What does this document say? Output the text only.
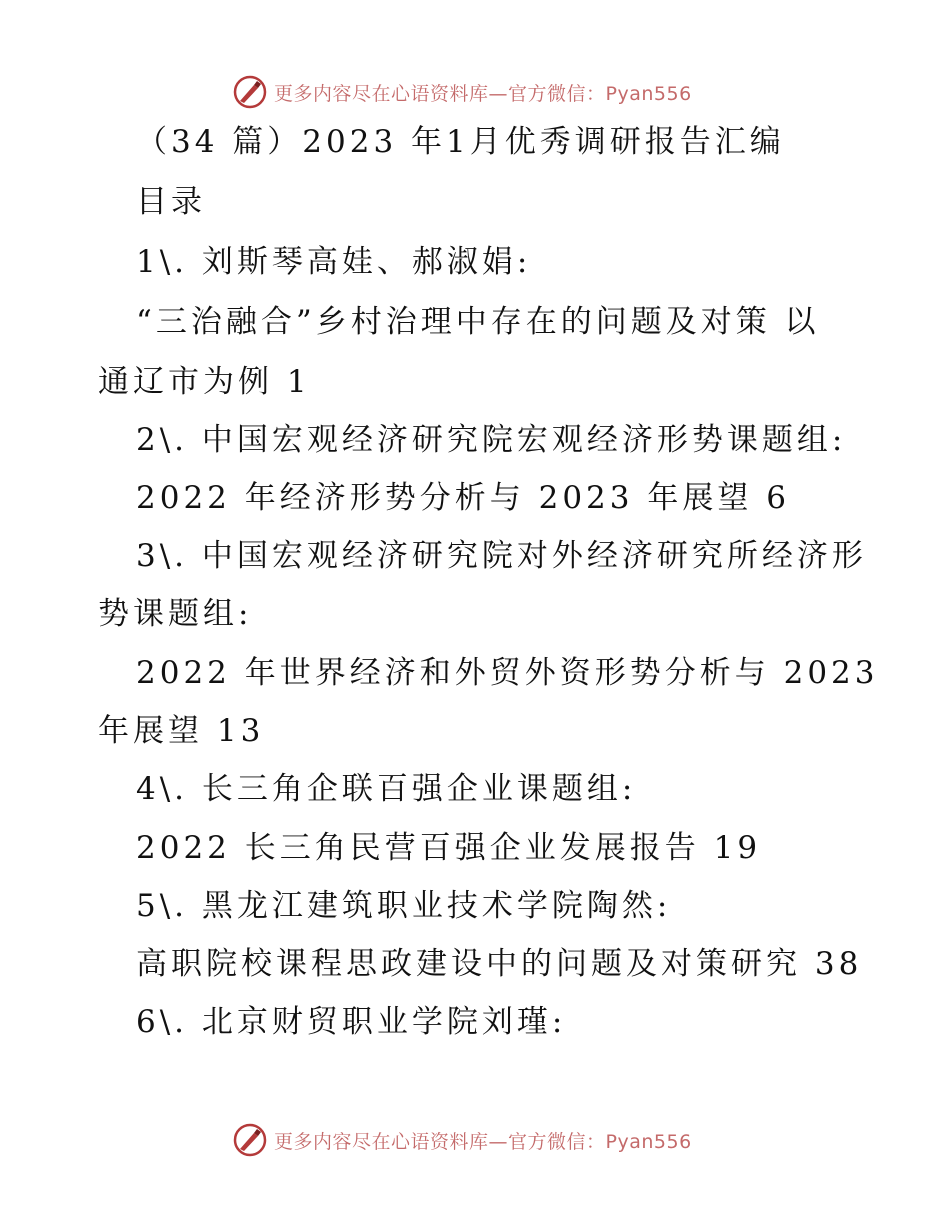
更多内容尽在心语资料库—官方微信：Pyan556
（34 篇）2023 年1月优秀调研报告汇编
目录
1\. 刘斯琴高娃、郝淑娟:
“三治融合”乡村治理中存在的问题及对策 以
通辽市为例 1
2\. 中国宏观经济研究院宏观经济形势课题组:
2022 年经济形势分析与 2023 年展望 6
3\. 中国宏观经济研究院对外经济研究所经济形
势课题组:
2022 年世界经济和外贸外资形势分析与 2023
年展望 13
4\. 长三角企联百强企业课题组:
2022 长三角民营百强企业发展报告 19
5\. 黑龙江建筑职业技术学院陶然:
高职院校课程思政建设中的问题及对策研究 38
6\. 北京财贸职业学院刘瑾:
更多内容尽在心语资料库—官方微信：Pyan556
